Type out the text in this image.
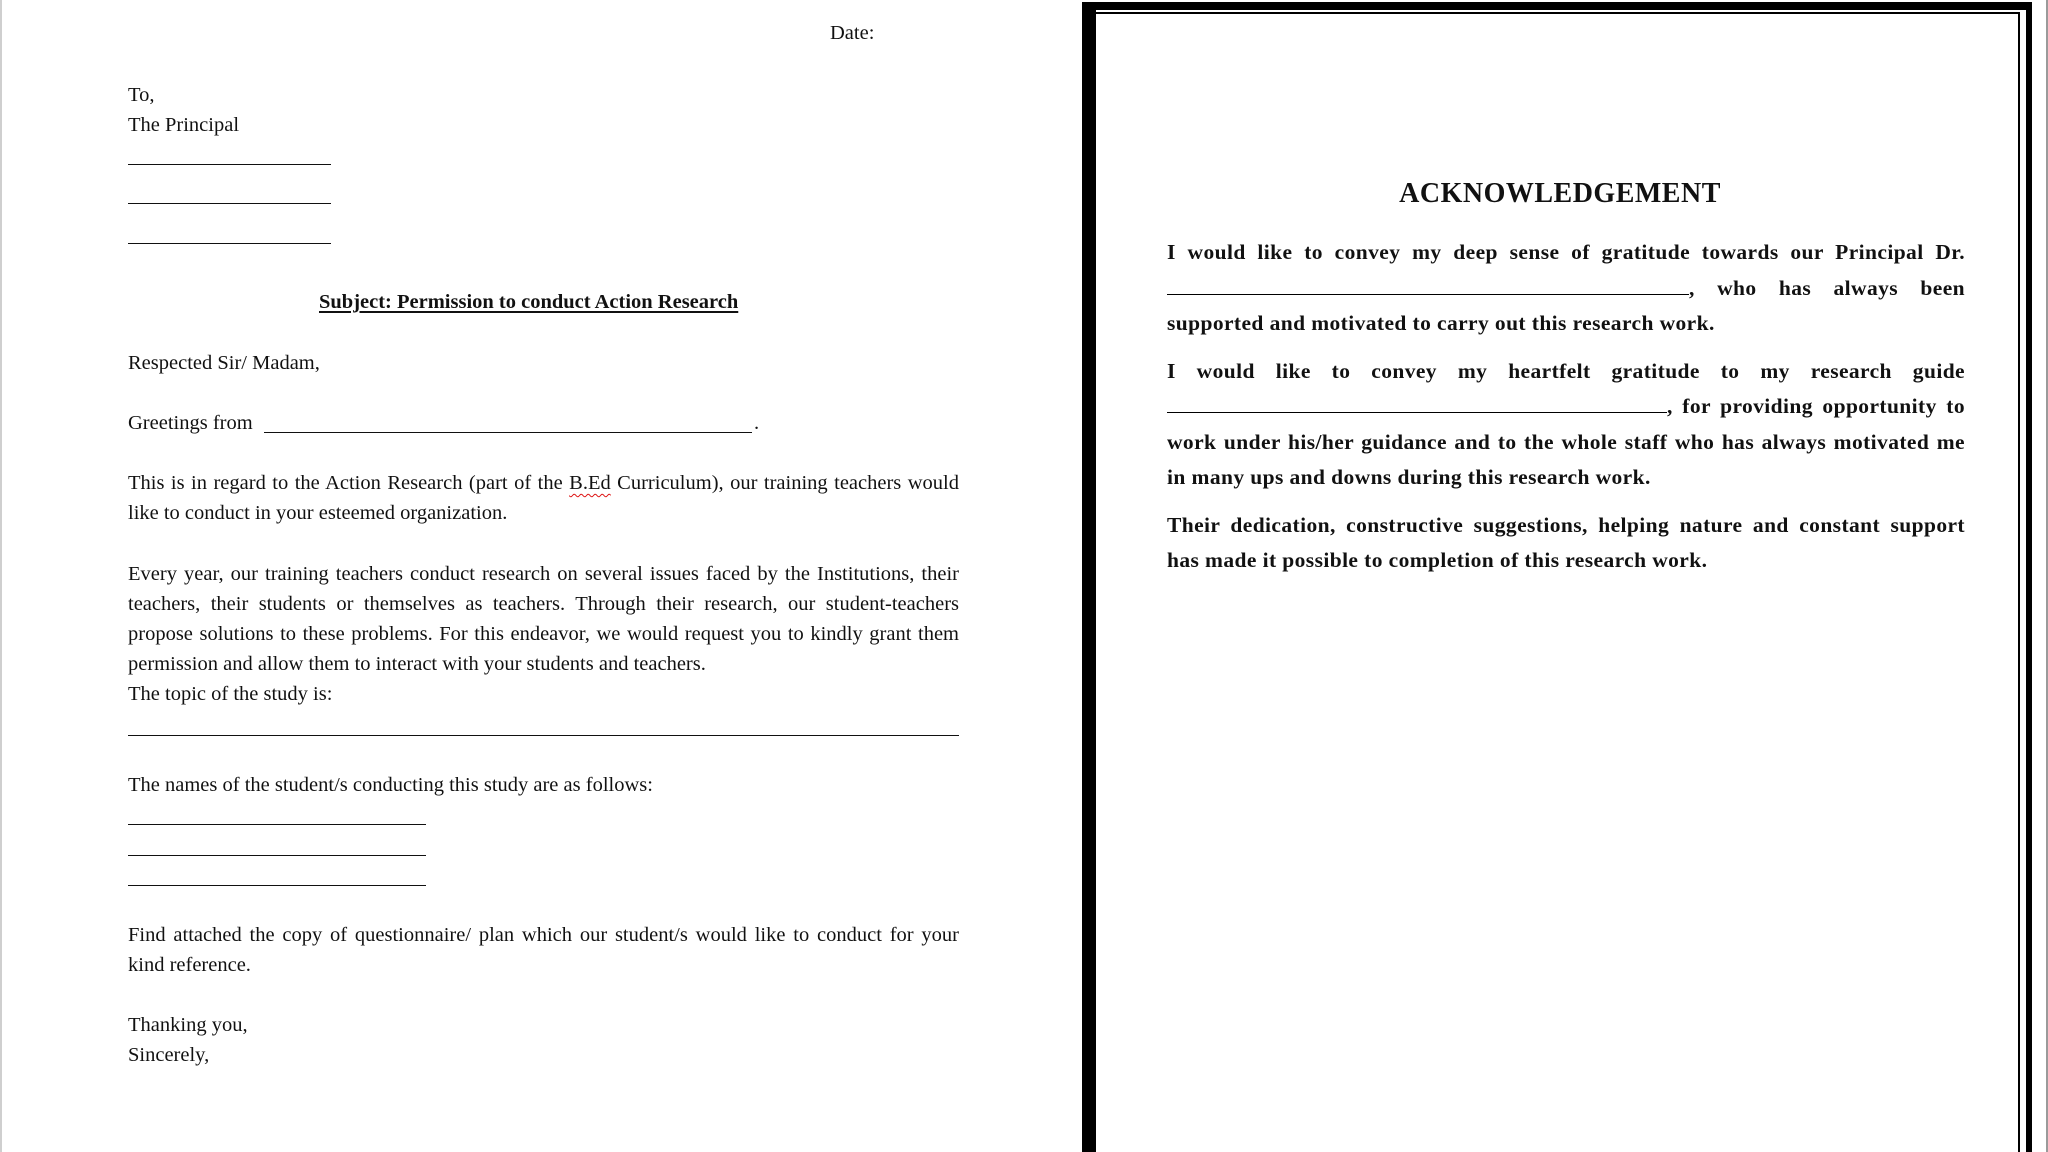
Date:
To,
The Principal
Subject: Permission to conduct Action Research
Respected Sir/ Madam,
Greetings from	.
This is in regard to the Action Research (part of the B.Ed Curriculum), our training teachers would like to conduct in your esteemed organization.
Every year, our training teachers conduct research on several issues faced by the Institutions, their teachers, their students or themselves as teachers. Through their research, our student-teachers propose solutions to these problems. For this endeavor, we would request you to kindly grant them permission and allow them to interact with your students and teachers.
The topic of the study is:
The names of the student/s conducting this study are as follows:
Find attached the copy of questionnaire/ plan which our student/s would like to conduct for your kind reference.
Thanking you,
Sincerely,
ACKNOWLEDGEMENT

I would like to convey my deep sense of gratitude towards our Principal Dr., who has always been supported and motivated to carry out this research work.

I would like to convey my heartfelt gratitude to my research guide , for providing opportunity to work under his/her guidance and to the whole staff who has always motivated me in many ups and downs during this research work.

Their dedication, constructive suggestions, helping nature and constant support has made it possible to completion of this research work.
